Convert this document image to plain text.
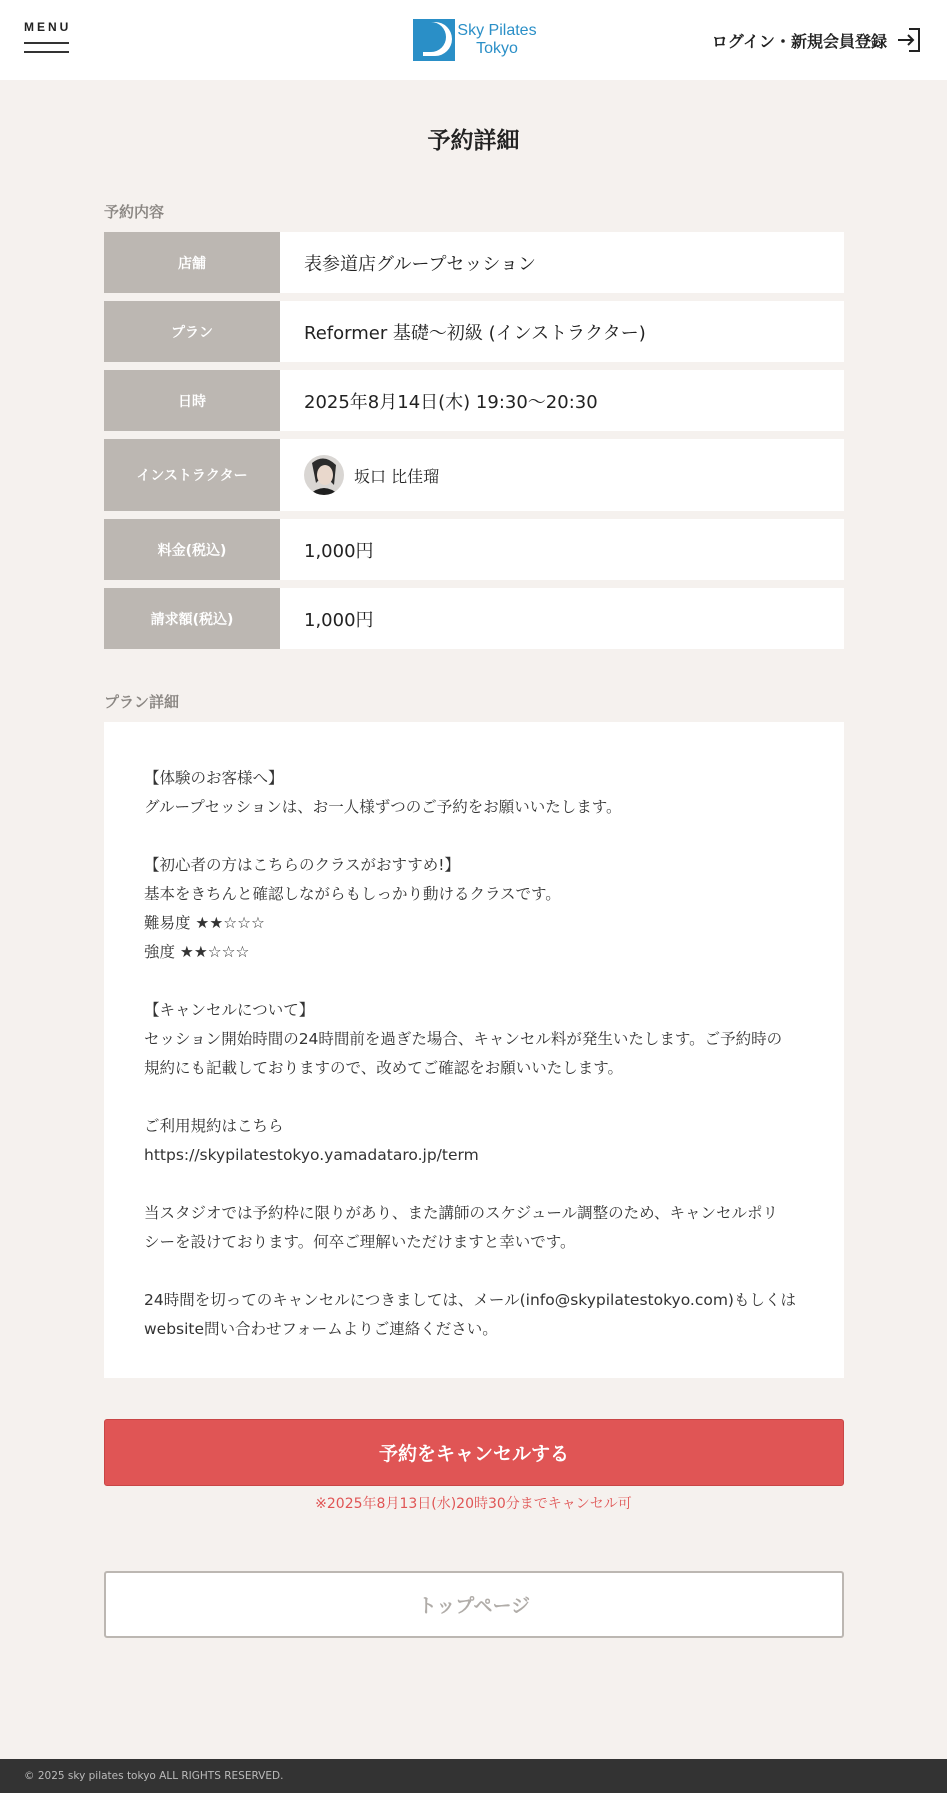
MENU	Sky Pilates
Tokyo	ログイン・新規会員登録
予約詳細
予約内容
店舗	表参道店グループセッション
プラン	Reformer 基礎〜初級 (インストラクター)
日時	2025年8月14日(木) 19:30〜20:30
インストラクター	坂口 比佳瑠
料金(税込)	1,000円
請求額(税込)	1,000円
プラン詳細

【体験のお客様へ】
グループセッションは、お一人様ずつのご予約をお願いいたします。

【初心者の方はこちらのクラスがおすすめ!】
基本をきちんと確認しながらもしっかり動けるクラスです。
難易度 ★★☆☆☆
強度 ★★☆☆☆

【キャンセルについて】
セッション開始時間の24時間前を過ぎた場合、キャンセル料が発生いたします。ご予約時の
規約にも記載しておりますので、改めてご確認をお願いいたします。

ご利用規約はこちら
https://skypilatestokyo.yamadataro.jp/term

当スタジオでは予約枠に限りがあり、また講師のスケジュール調整のため、キャンセルポリ
シーを設けております。何卒ご理解いただけますと幸いです。

24時間を切ってのキャンセルにつきましては、メール(info@skypilatestokyo.com)もしくは
website問い合わせフォームよりご連絡ください。

予約をキャンセルする
※2025年8月13日(水)20時30分までキャンセル可
トップページ
© 2025 sky pilates tokyo ALL RIGHTS RESERVED.
